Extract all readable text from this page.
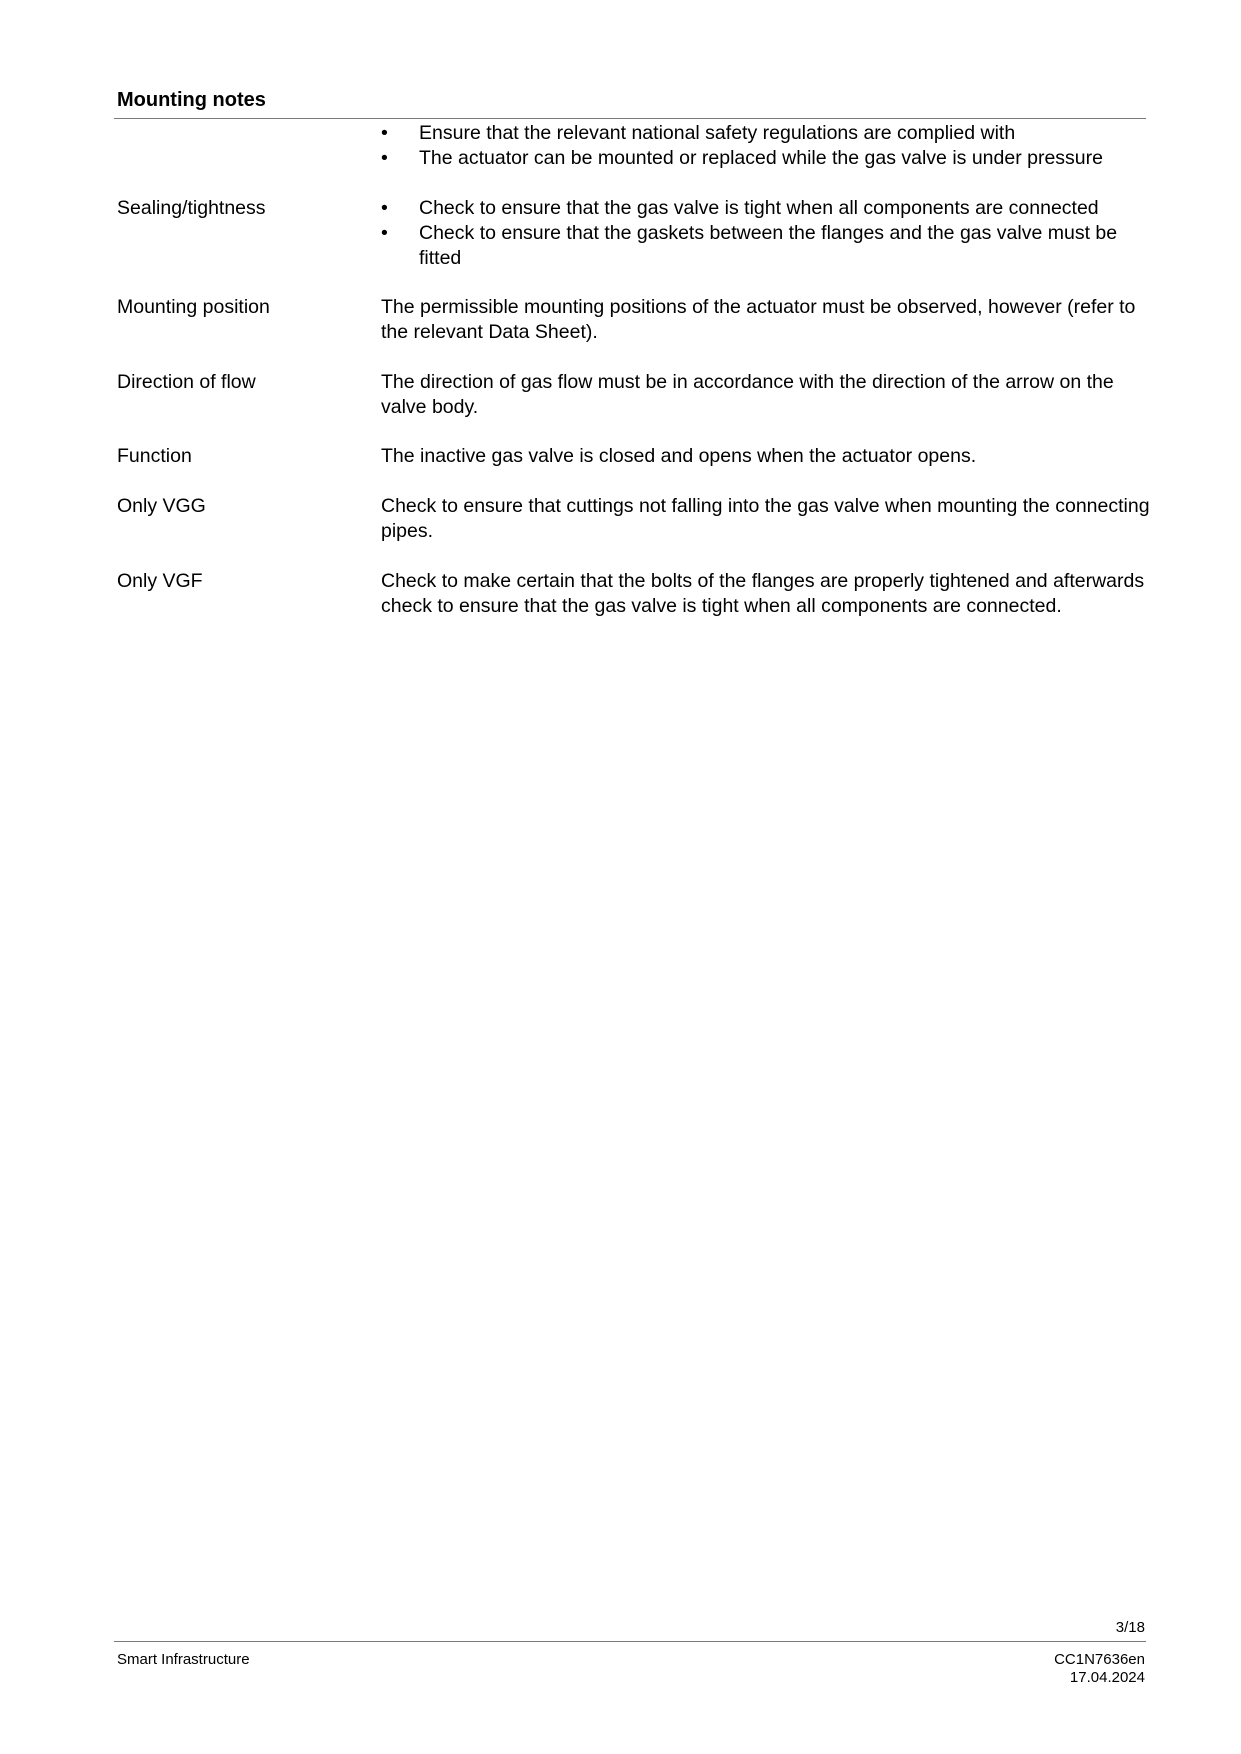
Mounting notes
•	Ensure that the relevant national safety regulations are complied with
•	The actuator can be mounted or replaced while the gas valve is under pressure
Sealing/tightness	•	Check to ensure that the gas valve is tight when all components are connected
•	Check to ensure that the gaskets between the flanges and the gas valve must be fitted
Mounting position	The permissible mounting positions of the actuator must be observed, however (refer to the relevant Data Sheet).
Direction of flow	The direction of gas flow must be in accordance with the direction of the arrow on the valve body.
Function	The inactive gas valve is closed and opens when the actuator opens.
Only VGG	Check to ensure that cuttings not falling into the gas valve when mounting the connecting pipes.
Only VGF	Check to make certain that the bolts of the flanges are properly tightened and afterwards check to ensure that the gas valve is tight when all components are connected.
3/18
Smart Infrastructure	CC1N7636en
17.04.2024
